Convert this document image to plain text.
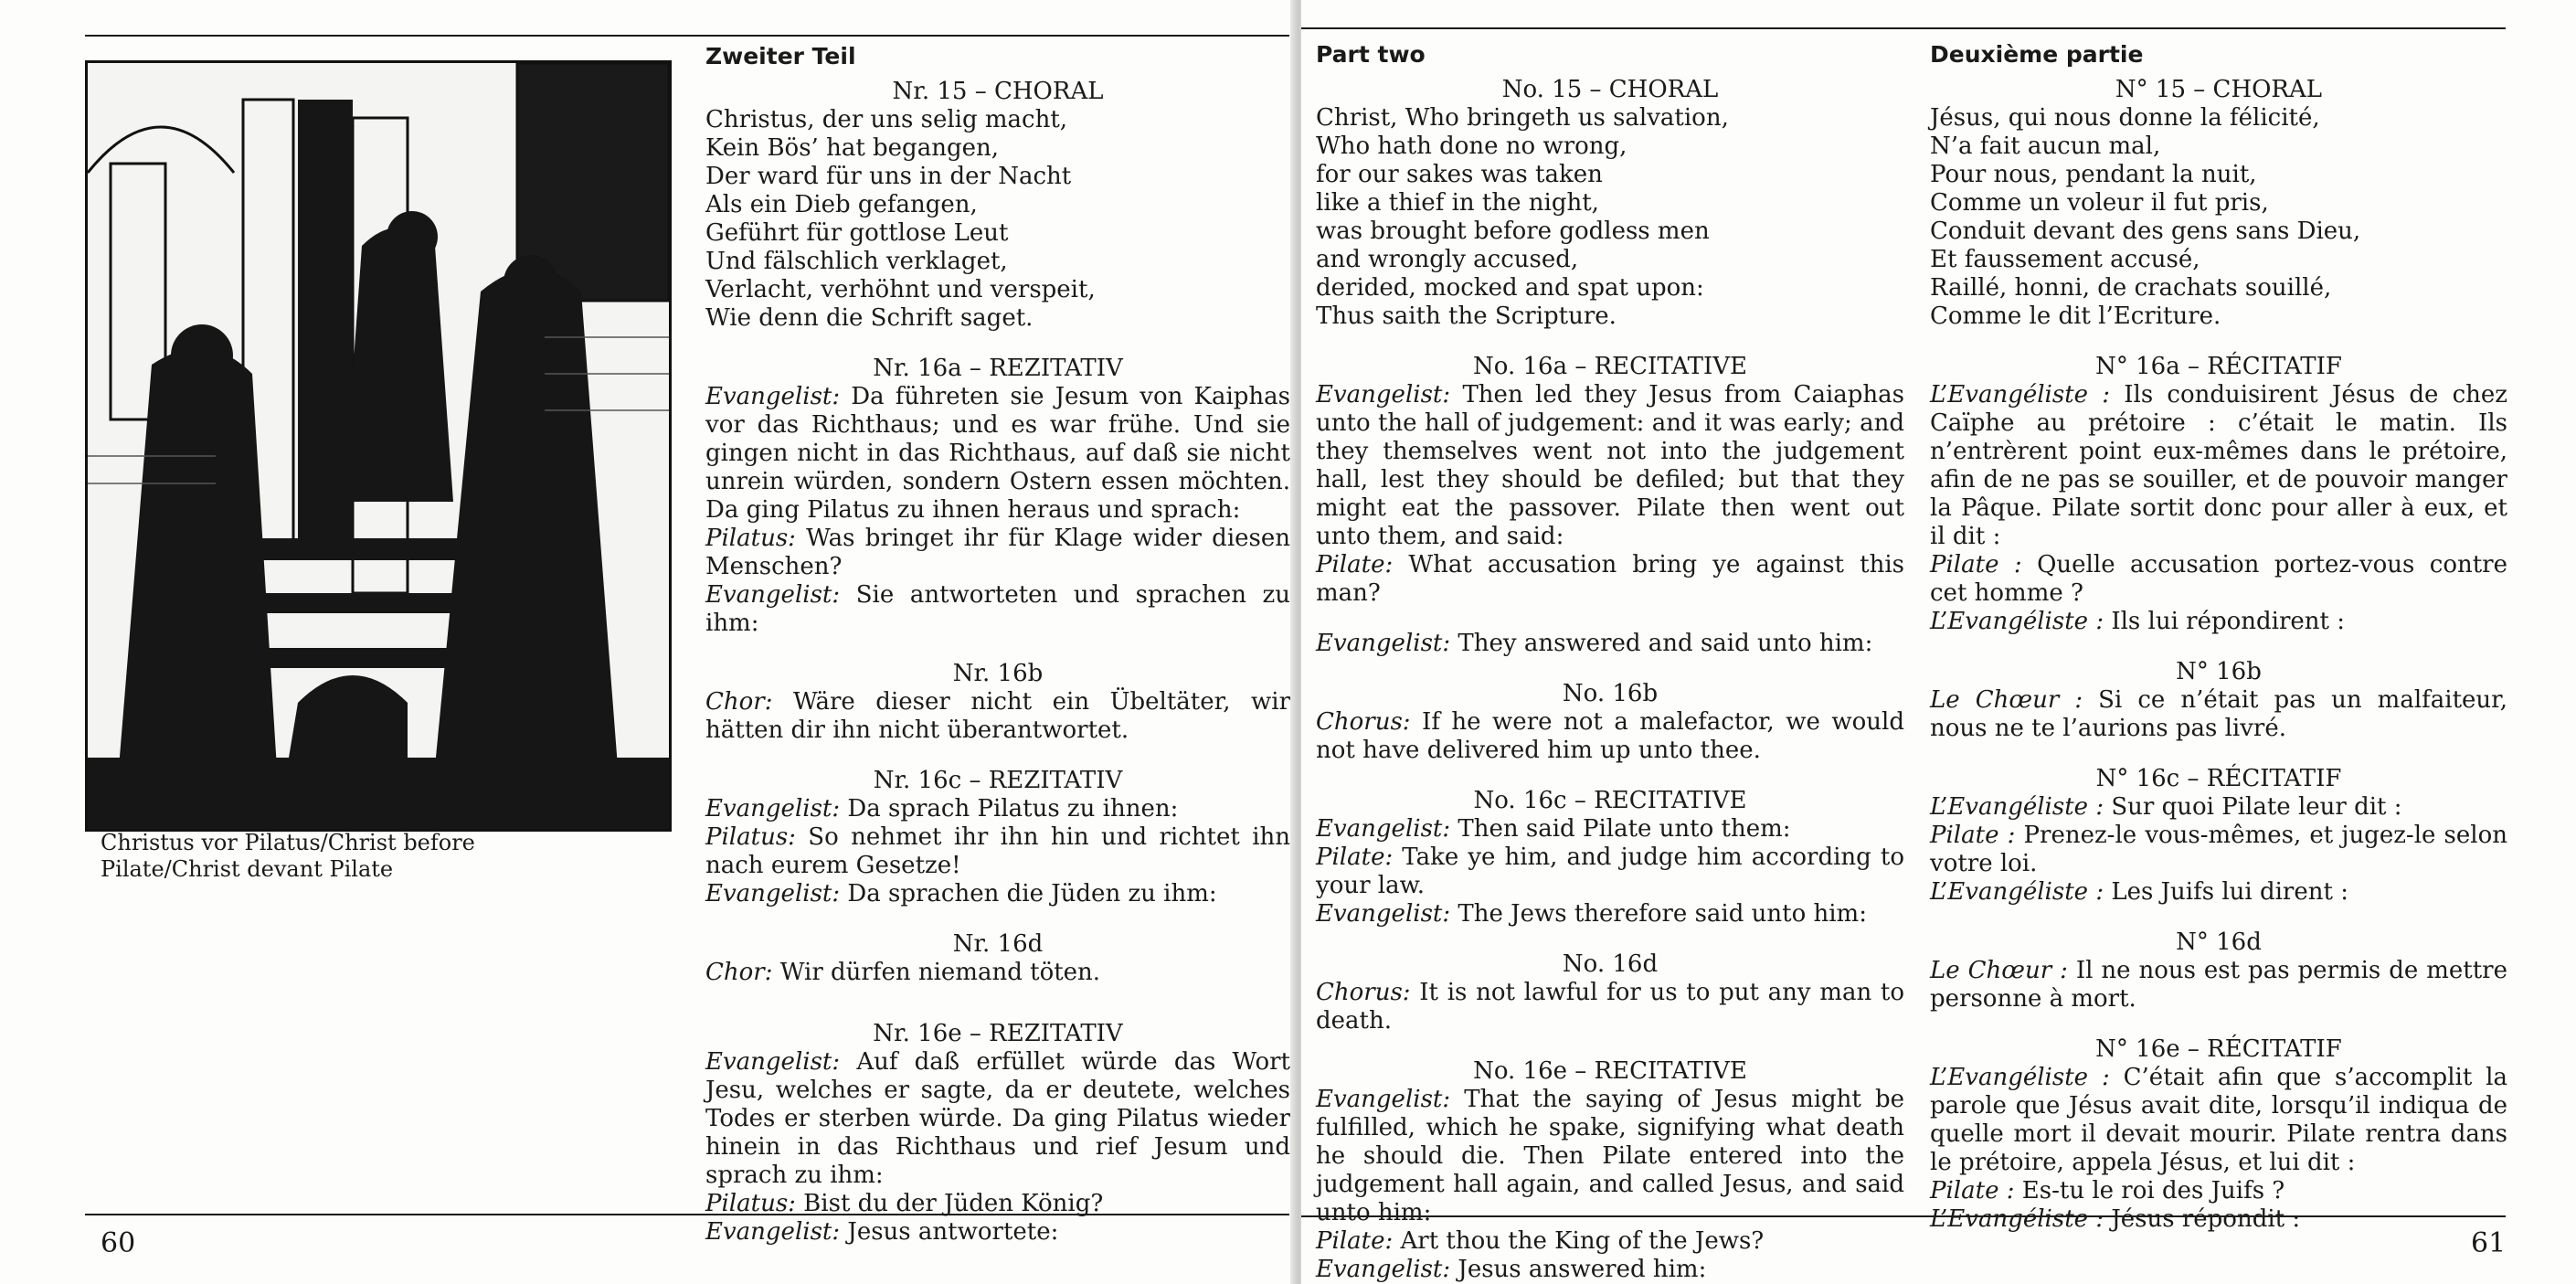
Christus vor Pilatus/Christ before
Pilate/Christ devant Pilate
Zweiter Teil

Nr. 15 – CHORAL

Christus, der uns selig macht,

Kein Bös’ hat begangen,

Der ward für uns in der Nacht

Als ein Dieb gefangen,

Geführt für gottlose Leut

Und fälschlich verklaget,

Verlacht, verhöhnt und verspeit,

Wie denn die Schrift saget.

Nr. 16a – REZITATIV

Evangelist: Da führeten sie Jesum von Kaiphas vor das Richthaus; und es war frühe. Und sie gingen nicht in das Richthaus, auf daß sie nicht unrein würden, sondern Ostern essen möchten. Da ging Pilatus zu ihnen heraus und sprach:

Pilatus: Was bringet ihr für Klage wider diesen Menschen?

Evangelist: Sie antworteten und sprachen zu ihm:

Nr. 16b

Chor: Wäre dieser nicht ein Übeltäter, wir hätten dir ihn nicht überantwortet.

Nr. 16c – REZITATIV

Evangelist: Da sprach Pilatus zu ihnen:

Pilatus: So nehmet ihr ihn hin und richtet ihn nach eurem Gesetze!

Evangelist: Da sprachen die Jüden zu ihm:

Nr. 16d

Chor: Wir dürfen niemand töten.

Nr. 16e – REZITATIV

Evangelist: Auf daß erfüllet würde das Wort Jesu, welches er sagte, da er deutete, welches Todes er sterben würde. Da ging Pilatus wieder hinein in das Richthaus und rief Jesum und sprach zu ihm:

Pilatus: Bist du der Jüden König?

Evangelist: Jesus antwortete:

60
Part two

No. 15 – CHORAL

Christ, Who bringeth us salvation,

Who hath done no wrong,

for our sakes was taken

like a thief in the night,

was brought before godless men

and wrongly accused,

derided, mocked and spat upon:

Thus saith the Scripture.

No. 16a – RECITATIVE

Evangelist: Then led they Jesus from Caiaphas unto the hall of judgement: and it was early; and they themselves went not into the judgement hall, lest they should be defiled; but that they might eat the passover. Pilate then went out unto them, and said:

Pilate: What accusation bring ye against this man?

Evangelist: They answered and said unto him:

No. 16b

Chorus: If he were not a malefactor, we would not have delivered him up unto thee.

No. 16c – RECITATIVE

Evangelist: Then said Pilate unto them:

Pilate: Take ye him, and judge him according to your law.

Evangelist: The Jews therefore said unto him:

No. 16d

Chorus: It is not lawful for us to put any man to death.

No. 16e – RECITATIVE

Evangelist: That the saying of Jesus might be fulfilled, which he spake, signifying what death he should die. Then Pilate entered into the judgement hall again, and called Jesus, and said unto him:

Pilate: Art thou the King of the Jews?

Evangelist: Jesus answered him:

Deuxième partie

N° 15 – CHORAL

Jésus, qui nous donne la félicité,

N’a fait aucun mal,

Pour nous, pendant la nuit,

Comme un voleur il fut pris,

Conduit devant des gens sans Dieu,

Et faussement accusé,

Raillé, honni, de crachats souillé,

Comme le dit l’Ecriture.

N° 16a – RÉCITATIF

L’Evangéliste : Ils conduisirent Jésus de chez Caïphe au prétoire : c’était le matin. Ils n’entrèrent point eux-mêmes dans le prétoire, afin de ne pas se souiller, et de pouvoir manger la Pâque. Pilate sortit donc pour aller à eux, et il dit :

Pilate : Quelle accusation portez-vous contre cet homme ?

L’Evangéliste : Ils lui répondirent :

N° 16b

Le Chœur : Si ce n’était pas un malfaiteur, nous ne te l’aurions pas livré.

N° 16c – RÉCITATIF

L’Evangéliste : Sur quoi Pilate leur dit :

Pilate : Prenez-le vous-mêmes, et jugez-le selon votre loi.

L’Evangéliste : Les Juifs lui dirent :

N° 16d

Le Chœur : Il ne nous est pas permis de mettre personne à mort.

N° 16e – RÉCITATIF

L’Evangéliste : C’était afin que s’accomplit la parole que Jésus avait dite, lorsqu’il indiqua de quelle mort il devait mourir. Pilate rentra dans le prétoire, appela Jésus, et lui dit :

Pilate : Es-tu le roi des Juifs ?

L’Evangéliste : Jésus répondit :

61
